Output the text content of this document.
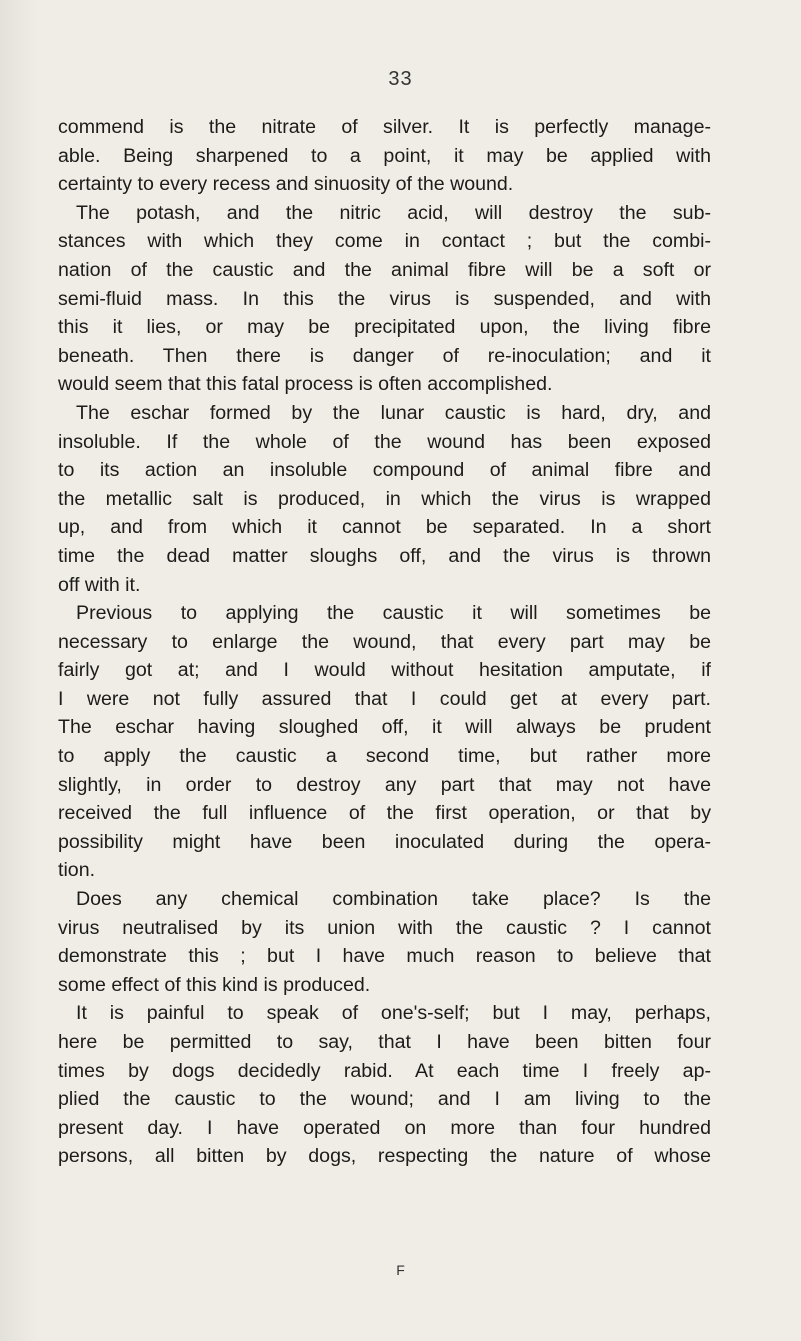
33
commend is the nitrate of silver. It is perfectly manage-
able. Being sharpened to a point, it may be applied with
certainty to every recess and sinuosity of the wound.
The potash, and the nitric acid, will destroy the sub-
stances with which they come in contact ; but the combi-
nation of the caustic and the animal fibre will be a soft or
semi-fluid mass. In this the virus is suspended, and with
this it lies, or may be precipitated upon, the living fibre
beneath. Then there is danger of re-inoculation; and it
would seem that this fatal process is often accomplished.
The eschar formed by the lunar caustic is hard, dry, and
insoluble. If the whole of the wound has been exposed
to its action an insoluble compound of animal fibre and
the metallic salt is produced, in which the virus is wrapped
up, and from which it cannot be separated. In a short
time the dead matter sloughs off, and the virus is thrown
off with it.
Previous to applying the caustic it will sometimes be
necessary to enlarge the wound, that every part may be
fairly got at; and I would without hesitation amputate, if
I were not fully assured that I could get at every part.
The eschar having sloughed off, it will always be prudent
to apply the caustic a second time, but rather more
slightly, in order to destroy any part that may not have
received the full influence of the first operation, or that by
possibility might have been inoculated during the opera-
tion.
Does any chemical combination take place? Is the
virus neutralised by its union with the caustic ? I cannot
demonstrate this ; but I have much reason to believe that
some effect of this kind is produced.
It is painful to speak of one's-self; but I may, perhaps,
here be permitted to say, that I have been bitten four
times by dogs decidedly rabid. At each time I freely ap-
plied the caustic to the wound; and I am living to the
present day. I have operated on more than four hundred
persons, all bitten by dogs, respecting the nature of whose
F
